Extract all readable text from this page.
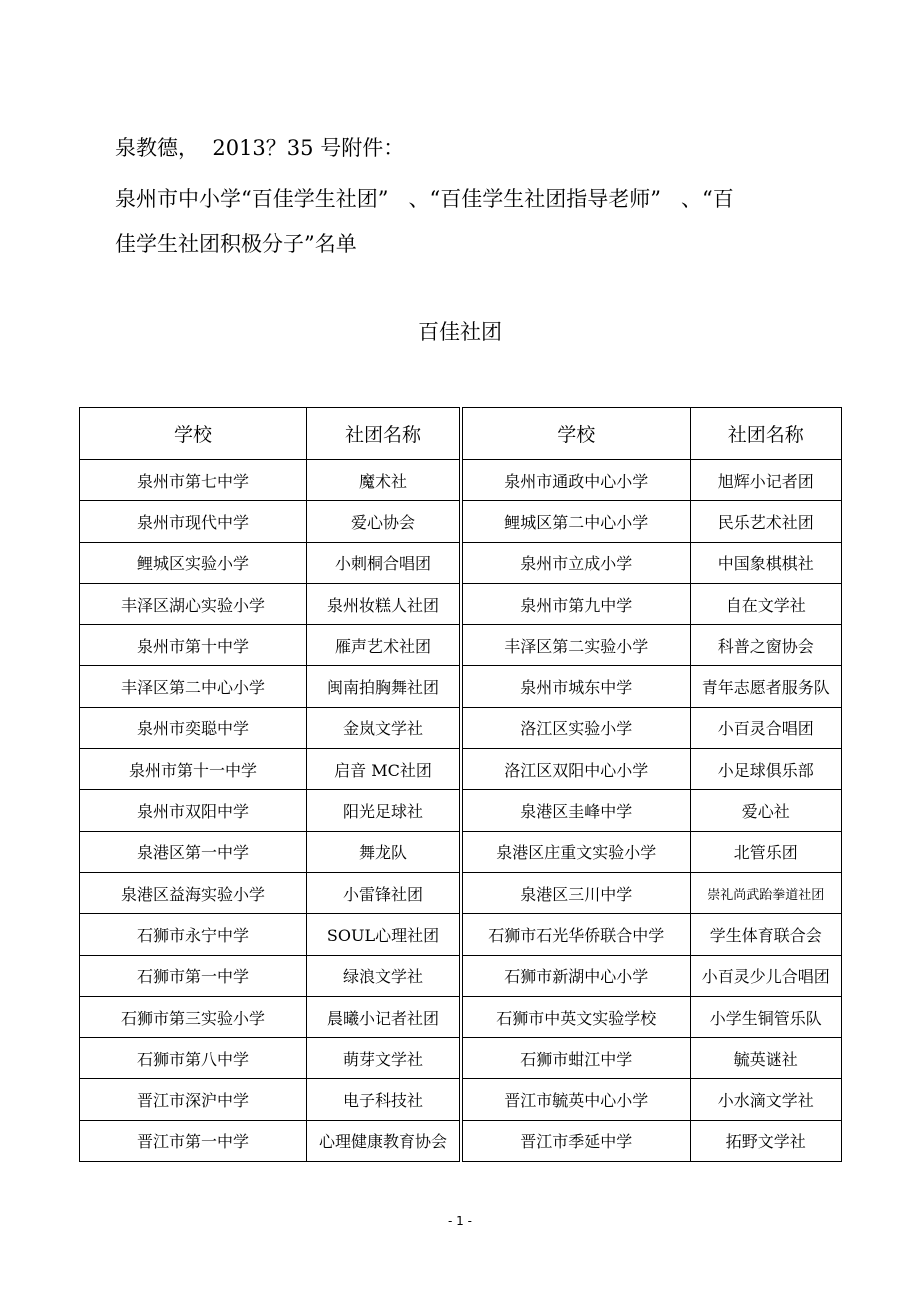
泉教德，  2013？35 号附件：
泉州市中小学“百佳学生社团”   、“百佳学生社团指导老师”   、“百
佳学生社团积极分子”名单
百佳社团
学校	社团名称	学校	社团名称
泉州市第七中学	魔术社	泉州市通政中心小学	旭辉小记者团
泉州市现代中学	爱心协会	鲤城区第二中心小学	民乐艺术社团
鲤城区实验小学	小刺桐合唱团	泉州市立成小学	中国象棋棋社
丰泽区湖心实验小学	泉州妆糕人社团	泉州市第九中学	自在文学社
泉州市第十中学	雁声艺术社团	丰泽区第二实验小学	科普之窗协会
丰泽区第二中心小学	闽南拍胸舞社团	泉州市城东中学	青年志愿者服务队
泉州市奕聪中学	金岚文学社	洛江区实验小学	小百灵合唱团
泉州市第十一中学	启音 MC社团	洛江区双阳中心小学	小足球俱乐部
泉州市双阳中学	阳光足球社	泉港区圭峰中学	爱心社
泉港区第一中学	舞龙队	泉港区庄重文实验小学	北管乐团
泉港区益海实验小学	小雷锋社团	泉港区三川中学	崇礼尚武跆拳道社团
石狮市永宁中学	SOUL心理社团	石狮市石光华侨联合中学	学生体育联合会
石狮市第一中学	绿浪文学社	石狮市新湖中心小学	小百灵少儿合唱团
石狮市第三实验小学	晨曦小记者社团	石狮市中英文实验学校	小学生铜管乐队
石狮市第八中学	萌芽文学社	石狮市蚶江中学	毓英谜社
晋江市深沪中学	电子科技社	晋江市毓英中心小学	小水滴文学社
晋江市第一中学	心理健康教育协会	晋江市季延中学	拓野文学社
- 1 -
